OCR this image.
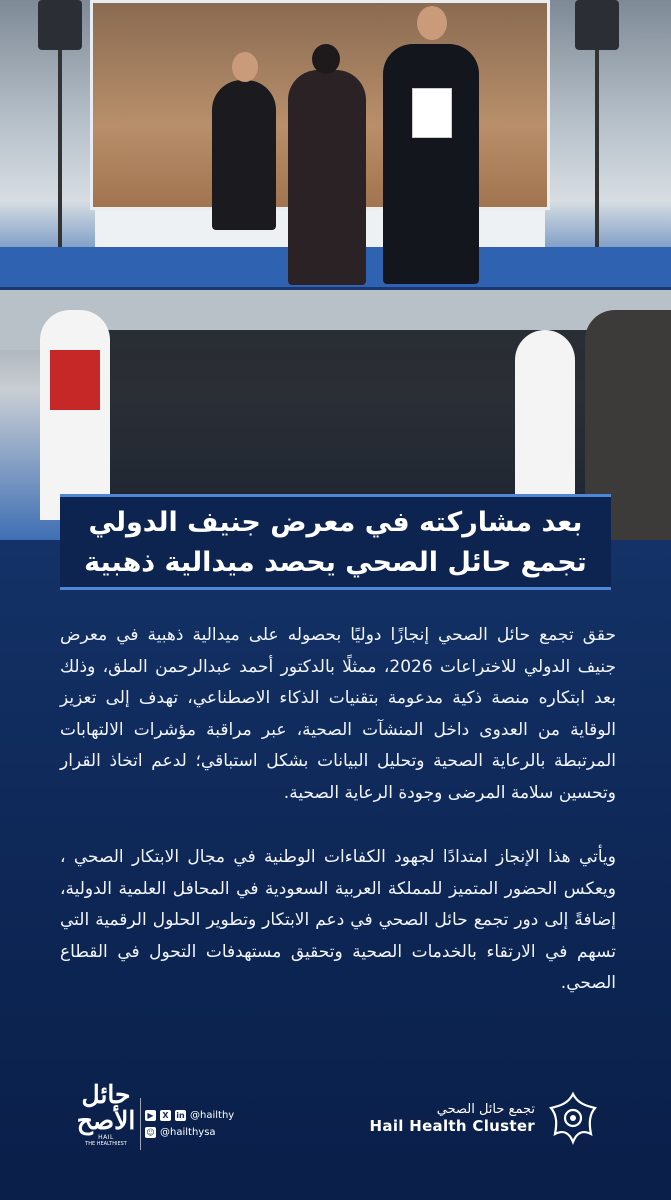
بعد مشاركته في معرض جنيف الدولي
تجمع حائل الصحي يحصد ميدالية ذهبية

حقق تجمع حائل الصحي إنجازًا دوليًا بحصوله على ميدالية ذهبية في معرض جنيف الدولي للاختراعات 2026، ممثلًا بالدكتور أحمد عبدالرحمن الملق، وذلك بعد ابتكاره منصة ذكية مدعومة بتقنيات الذكاء الاصطناعي، تهدف إلى تعزيز الوقاية من العدوى داخل المنشآت الصحية، عبر مراقبة مؤشرات الالتهابات المرتبطة بالرعاية الصحية وتحليل البيانات بشكل استباقي؛ لدعم اتخاذ القرار وتحسين سلامة المرضى وجودة الرعاية الصحية.

ويأتي هذا الإنجاز امتدادًا لجهود الكفاءات الوطنية في مجال الابتكار الصحي ، ويعكس الحضور المتميز للمملكة العربية السعودية في المحافل العلمية الدولية، إضافةً إلى دور تجمع حائل الصحي في دعم الابتكار وتطوير الحلول الرقمية التي تسهم في الارتقاء بالخدمات الصحية وتحقيق مستهدفات التحول في القطاع الصحي.

حائل الأصح
HAIL
THE HEALTHIEST
▶	X in @hailthy
☺ @hailthysa
تجمع حائل الصحي
Hail Health Cluster
